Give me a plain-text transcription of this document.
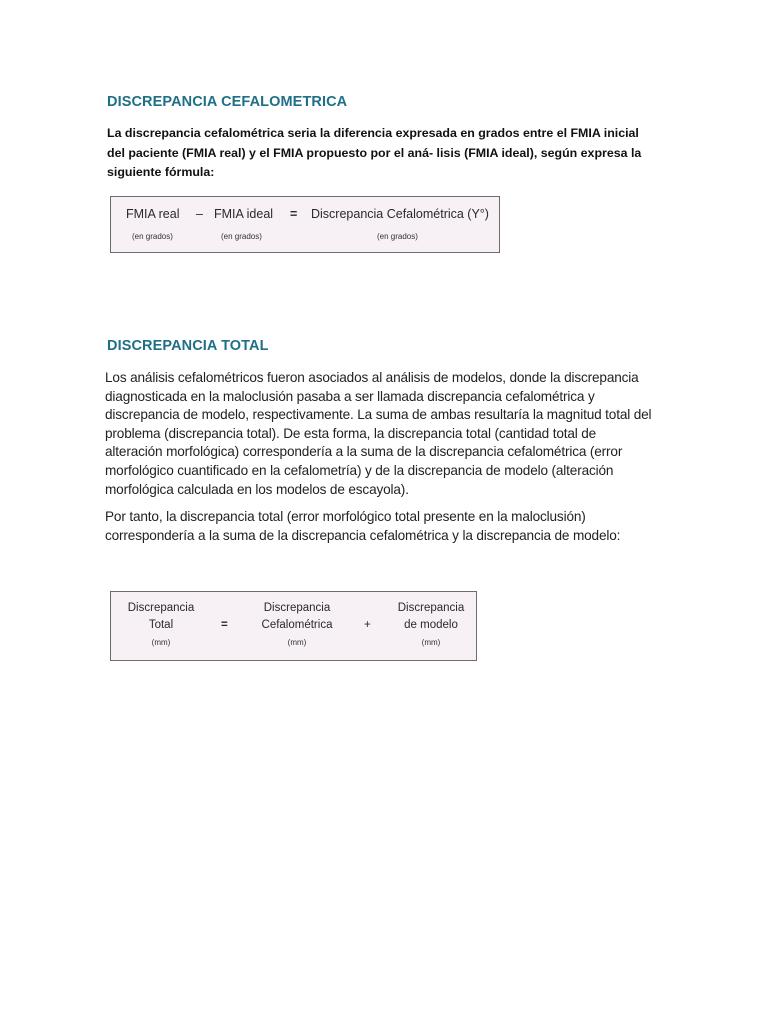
DISCREPANCIA CEFALOMETRICA

La discrepancia cefalométrica seria la diferencia expresada en grados entre el FMIA inicial del paciente (FMIA real) y el FMIA propuesto por el aná- lisis (FMIA ideal), según expresa la siguiente fórmula:

FMIA real – FMIA ideal = Discrepancia Cefalométrica (Y°)
(en grados)	(en grados)	(en grados)
DISCREPANCIA TOTAL

Los análisis cefalométricos fueron asociados al análisis de modelos, donde la discrepancia diagnosticada en la maloclusión pasaba a ser llamada discrepancia cefalométrica y discrepancia de modelo, respectivamente. La suma de ambas resultaría la magnitud total del problema (discrepancia total). De esta forma, la discrepancia total (cantidad total de alteración morfológica) correspondería a la suma de la discrepancia cefalométrica (error morfológico cuantificado en la cefalometría) y de la discrepancia de modelo (alteración morfológica calculada en los modelos de escayola).

Por tanto, la discrepancia total (error morfológico total presente en la maloclusión) correspondería a la suma de la discrepancia cefalométrica y la discrepancia de modelo:

Discrepancia
Total
(mm)
=
Discrepancia
Cefalométrica
(mm)
+
Discrepancia
de modelo
(mm)
